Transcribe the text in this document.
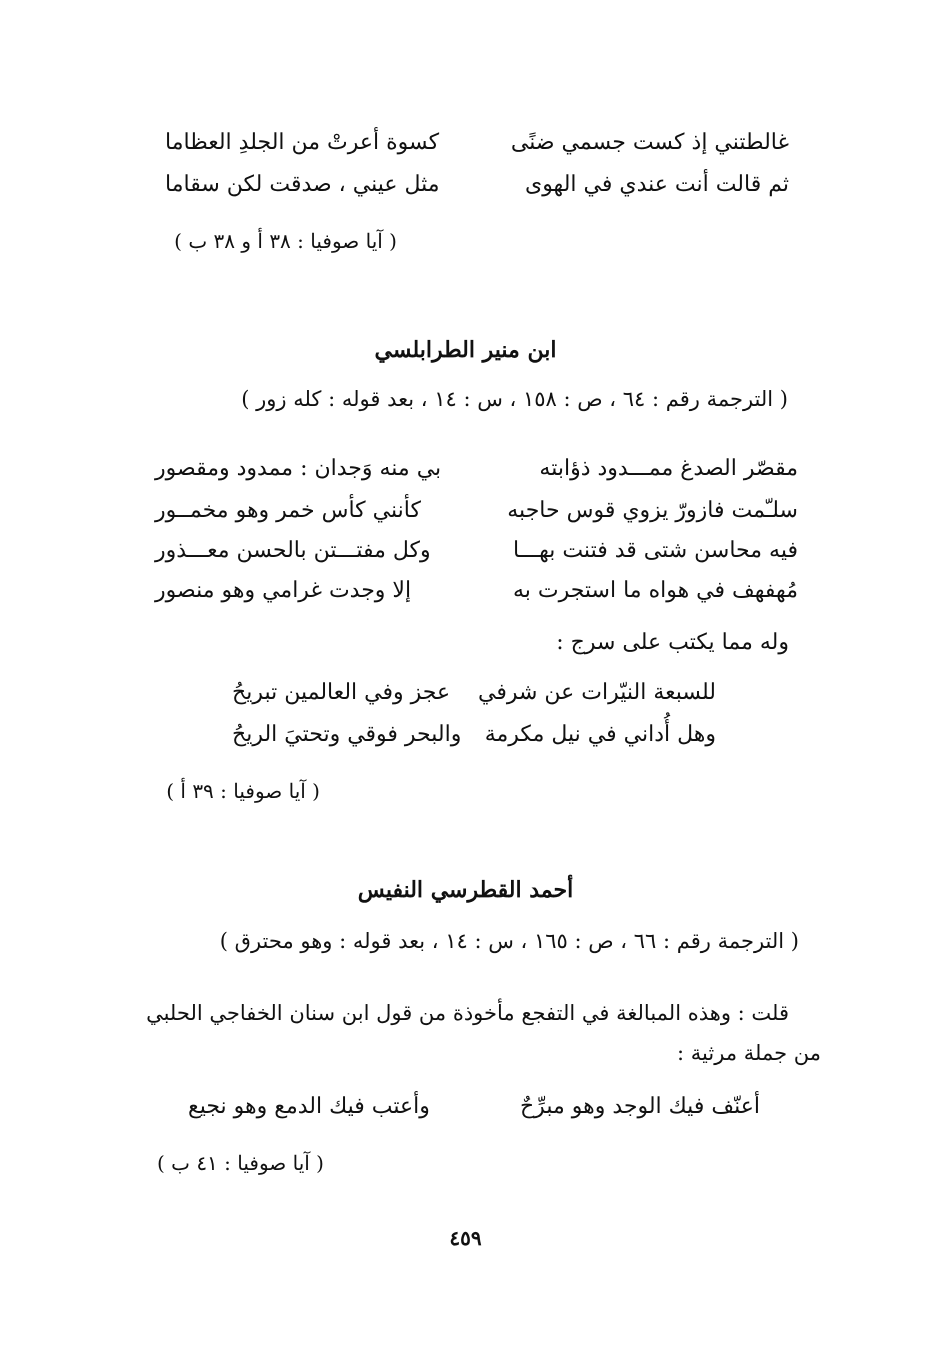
غالطتني إذ كست جسمي ضنًى
كسوة أعرتْ من الجلدِ العظاما
ثم قالت أنت عندي في الهوى
مثل عيني ، صدقت لكن سقاما
( آيا صوفيا : ٣٨ أ و ٣٨ ب )
ابن منير الطرابلسي
( الترجمة رقم : ٦٤ ، ص : ١٥٨ ، س : ١٤ ، بعد قوله : كله زور )
مقصّر الصدغ ممـــدود ذؤابته
بي منه وَجدان : ممدود ومقصور
سلـّمت فازورّ يزوي قوس حاجبه
كأنني كأس خمر وهو مخمــور
فيه محاسن شتى قد فتنت بهـــا
وكل مفتـــتن بالحسن معـــذور
مُهفهف في هواه ما استجرت به
إلا وجدت غرامي وهو منصور
وله مما يكتب على سرج :
للسبعة النيّرات عن شرفي
عجز وفي العالمين تبريحُ
وهل أُداني في نيل مكرمة
والبحر فوقي وتحتيَ الريحُ
( آيا صوفيا : ٣٩ أ )
أحمد القطرسي النفيس
( الترجمة رقم : ٦٦ ، ص : ١٦٥ ، س : ١٤ ، بعد قوله : وهو محترق )
قلت : وهذه المبالغة في التفجع مأخوذة من قول ابن سنان الخفاجي الحلبي
من جملة مرثية :
أعنّف فيك الوجد وهو مبرِّحٌ
وأعتب فيك الدمع وهو نجيع
( آيا صوفيا : ٤١ ب )
٤٥٩
